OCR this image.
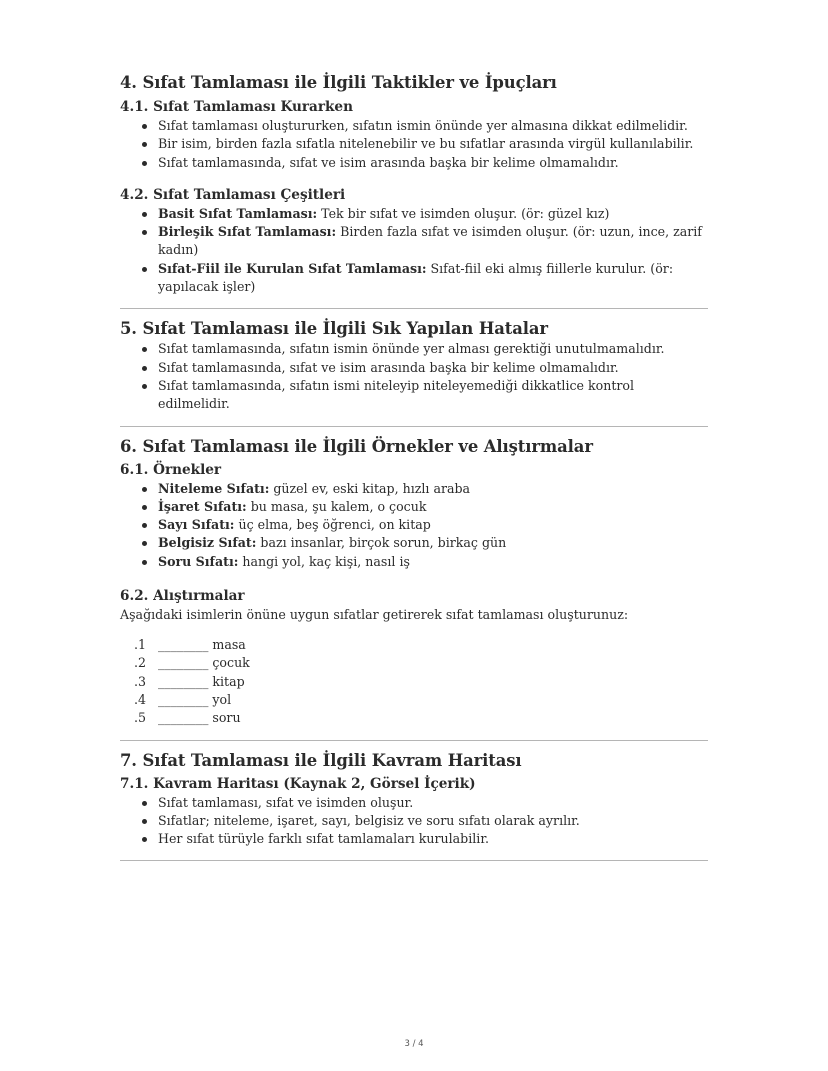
4. Sıfat Tamlaması ile İlgili Taktikler ve İpuçları
4.1. Sıfat Tamlaması Kurarken
Sıfat tamlaması oluştururken, sıfatın ismin önünde yer almasına dikkat edilmelidir.
Bir isim, birden fazla sıfatla nitelenebilir ve bu sıfatlar arasında virgül kullanılabilir.
Sıfat tamlamasında, sıfat ve isim arasında başka bir kelime olmamalıdır.
4.2. Sıfat Tamlaması Çeşitleri
Basit Sıfat Tamlaması: Tek bir sıfat ve isimden oluşur. (ör: güzel kız)
Birleşik Sıfat Tamlaması: Birden fazla sıfat ve isimden oluşur. (ör: uzun, ince, zarif kadın)
Sıfat-Fiil ile Kurulan Sıfat Tamlaması: Sıfat-fiil eki almış fiillerle kurulur. (ör: yapılacak işler)
5. Sıfat Tamlaması ile İlgili Sık Yapılan Hatalar
Sıfat tamlamasında, sıfatın ismin önünde yer alması gerektiği unutulmamalıdır.
Sıfat tamlamasında, sıfat ve isim arasında başka bir kelime olmamalıdır.
Sıfat tamlamasında, sıfatın ismi niteleyip niteleyemediği dikkatlice kontrol edilmelidir.
6. Sıfat Tamlaması ile İlgili Örnekler ve Alıştırmalar
6.1. Örnekler
Niteleme Sıfatı: güzel ev, eski kitap, hızlı araba
İşaret Sıfatı: bu masa, şu kalem, o çocuk
Sayı Sıfatı: üç elma, beş öğrenci, on kitap
Belgisiz Sıfat: bazı insanlar, birçok sorun, birkaç gün
Soru Sıfatı: hangi yol, kaç kişi, nasıl iş
6.2. Alıştırmalar

Aşağıdaki isimlerin önüne uygun sıfatlar getirerek sıfat tamlaması oluşturunuz:

1. ________ masa
2. ________ çocuk
3. ________ kitap
4. ________ yol
5. ________ soru
7. Sıfat Tamlaması ile İlgili Kavram Haritası
7.1. Kavram Haritası (Kaynak 2, Görsel İçerik)
Sıfat tamlaması, sıfat ve isimden oluşur.
Sıfatlar; niteleme, işaret, sayı, belgisiz ve soru sıfatı olarak ayrılır.
Her sıfat türüyle farklı sıfat tamlamaları kurulabilir.
3 / 4
